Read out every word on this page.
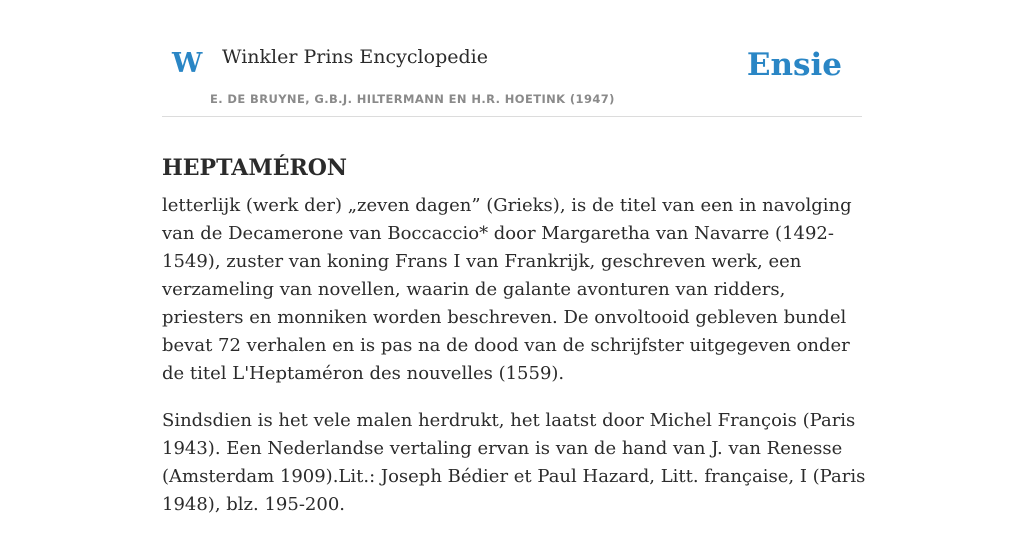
W Winkler Prins Encyclopedie	Ensie
E. DE BRUYNE, G.B.J. HILTERMANN EN H.R. HOETINK (1947)
HEPTAMÉRON

letterlijk (werk der) „zeven dagen” (Grieks), is de titel van een in navolging van de Decamerone van Boccaccio* door Margaretha van Navarre (1492-1549), zuster van koning Frans I van Frankrijk, geschreven werk, een verzameling van novellen, waarin de galante avonturen van ridders, priesters en monniken worden beschreven. De onvoltooid gebleven bundel bevat 72 verhalen en is pas na de dood van de schrijfster uitgegeven onder de titel L'Heptaméron des nouvelles (1559).

Sindsdien is het vele malen herdrukt, het laatst door Michel François (Paris 1943). Een Nederlandse vertaling ervan is van de hand van J. van Renesse (Amsterdam 1909).Lit.: Joseph Bédier et Paul Hazard, Litt. française, I (Paris 1948), blz. 195-200.
